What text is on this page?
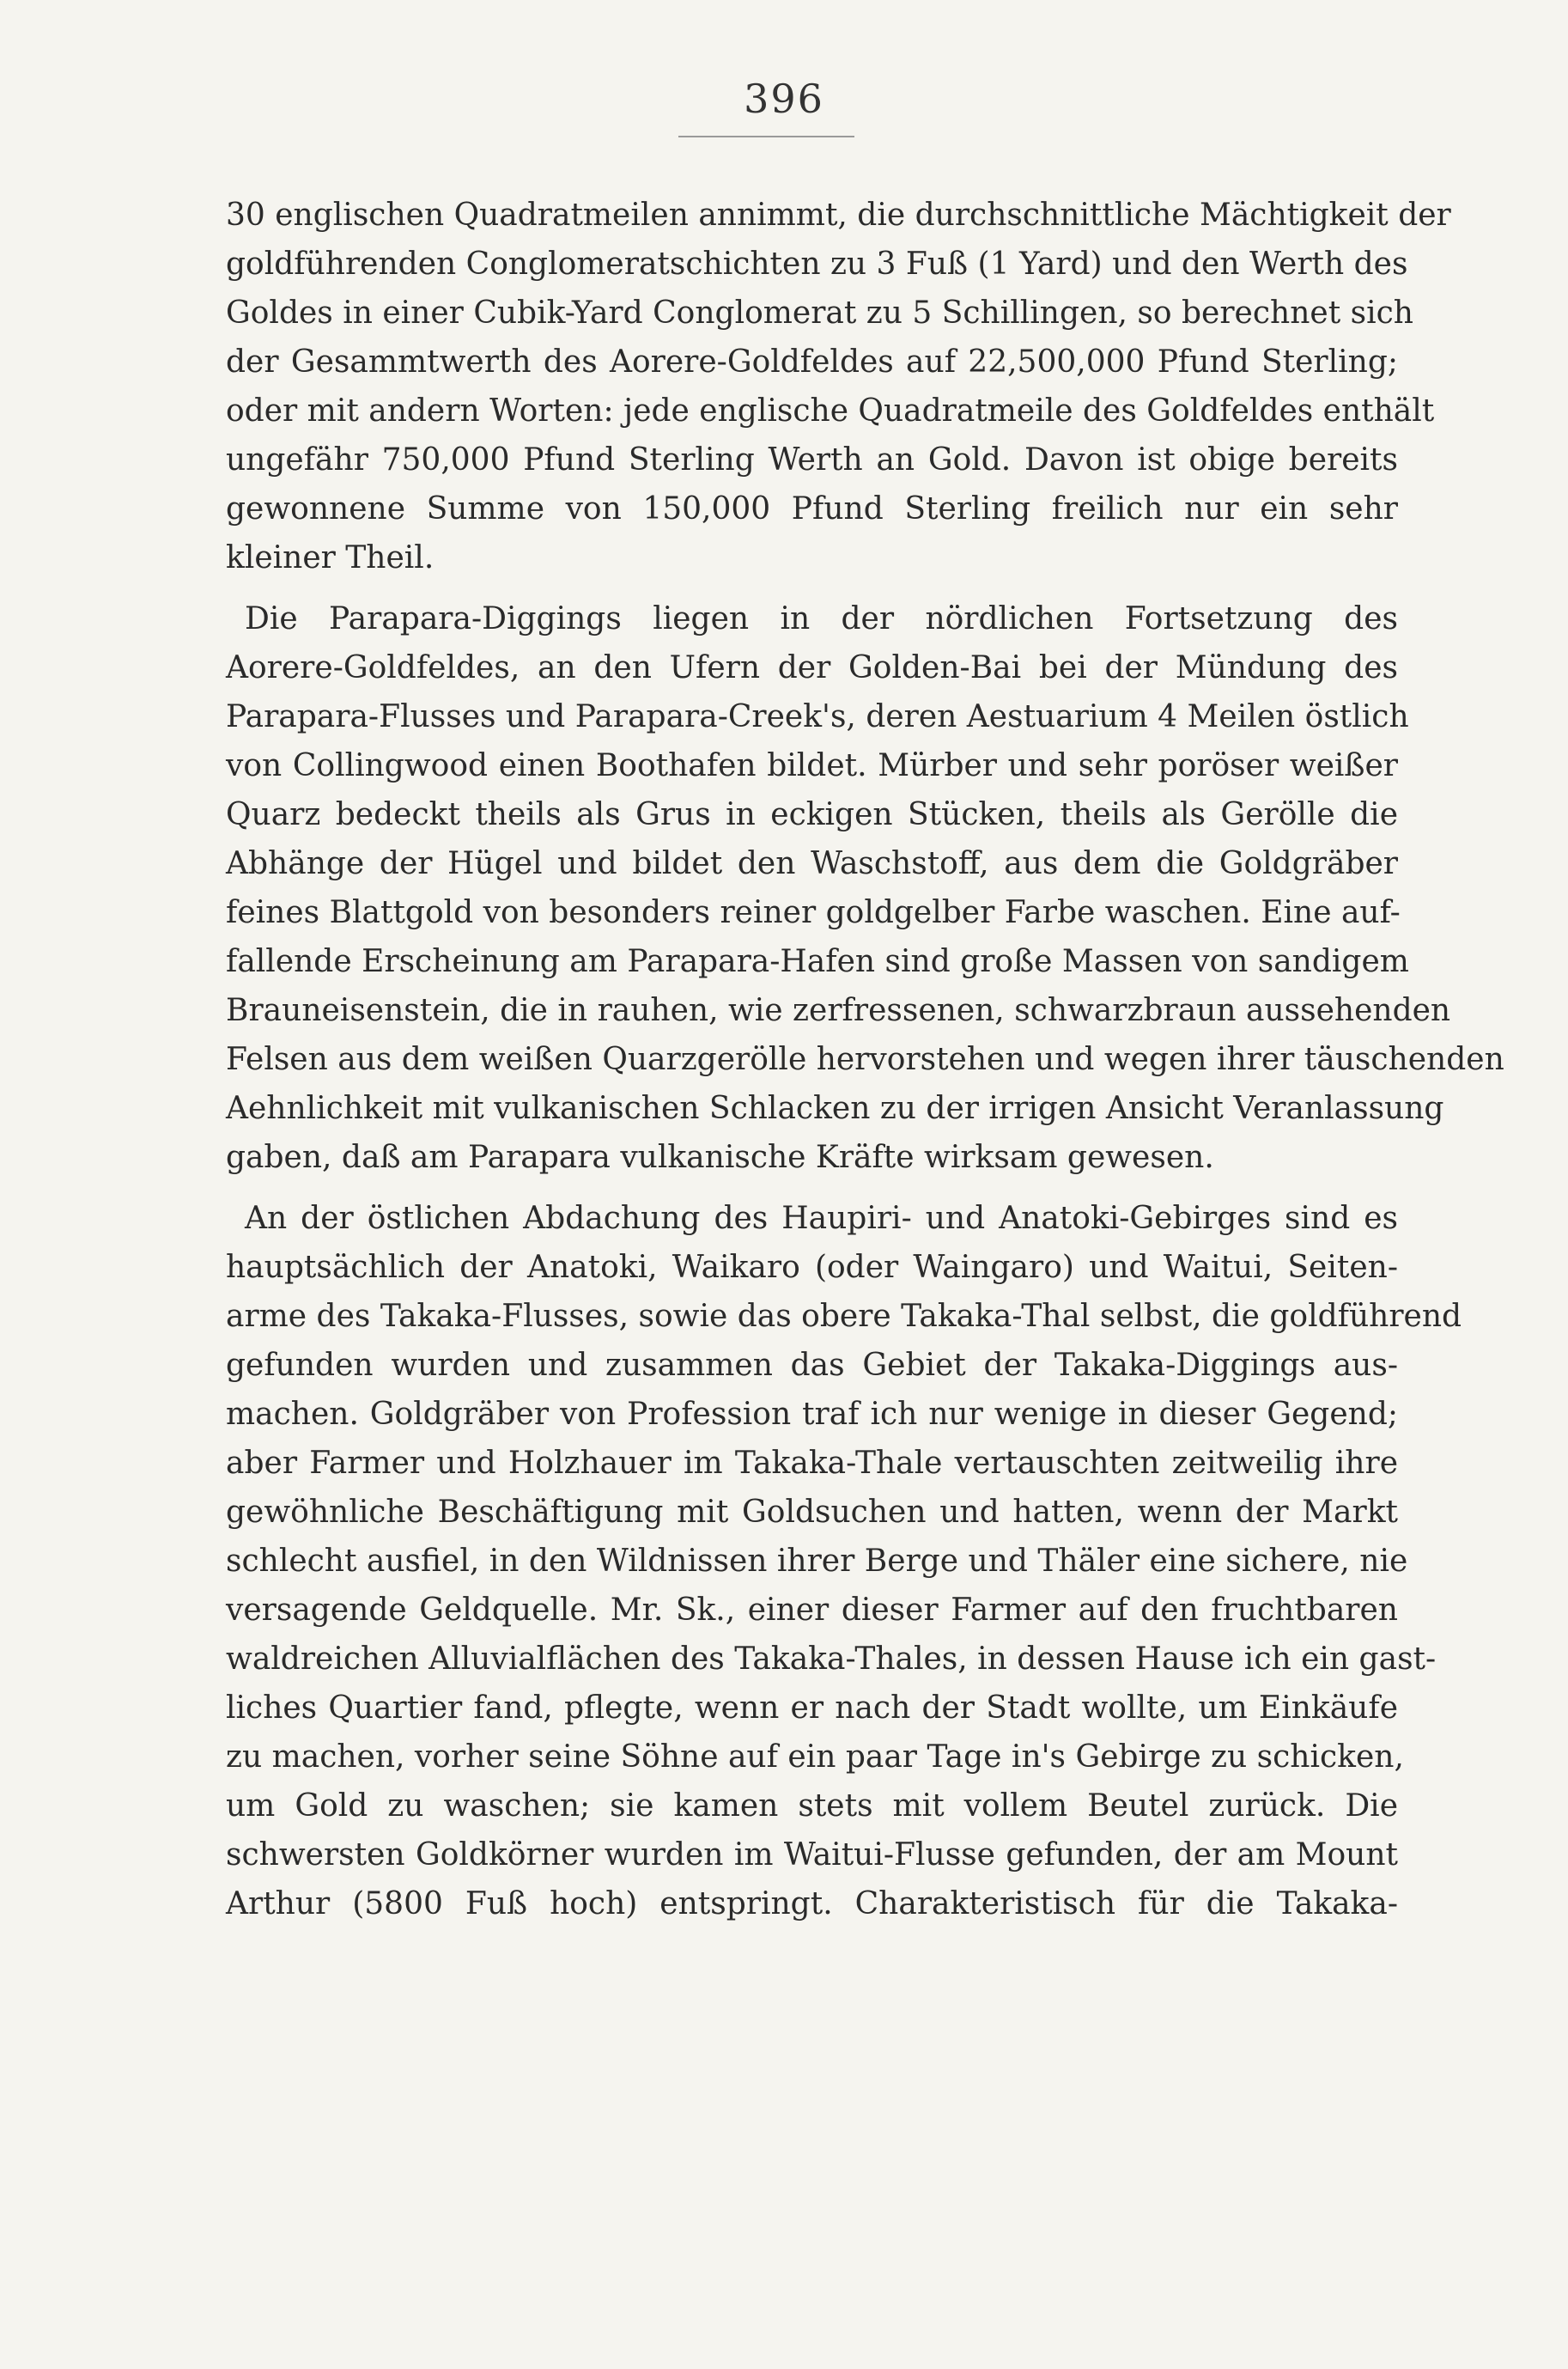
396
30 englischen Quadratmeilen annimmt, die durchschnittliche Mächtigkeit der
goldführenden Conglomeratschichten zu 3 Fuß (1 Yard) und den Werth des
Goldes in einer Cubik-Yard Conglomerat zu 5 Schillingen, so berechnet sich
der Gesammtwerth des Aorere-Goldfeldes auf 22,500,000 Pfund Sterling;
oder mit andern Worten: jede englische Quadratmeile des Goldfeldes enthält
ungefähr 750,000 Pfund Sterling Werth an Gold. Davon ist obige bereits
gewonnene Summe von 150,000 Pfund Sterling freilich nur ein sehr
kleiner Theil.
Die Parapara-Diggings liegen in der nördlichen Fortsetzung des
Aorere-Goldfeldes, an den Ufern der Golden-Bai bei der Mündung des
Parapara-Flusses und Parapara-Creek's, deren Aestuarium 4 Meilen östlich
von Collingwood einen Boothafen bildet. Mürber und sehr poröser weißer
Quarz bedeckt theils als Grus in eckigen Stücken, theils als Gerölle die
Abhänge der Hügel und bildet den Waschstoff, aus dem die Goldgräber
feines Blattgold von besonders reiner goldgelber Farbe waschen. Eine auf-
fallende Erscheinung am Parapara-Hafen sind große Massen von sandigem
Brauneisenstein, die in rauhen, wie zerfressenen, schwarzbraun aussehenden
Felsen aus dem weißen Quarzgerölle hervorstehen und wegen ihrer täuschenden
Aehnlichkeit mit vulkanischen Schlacken zu der irrigen Ansicht Veranlassung
gaben, daß am Parapara vulkanische Kräfte wirksam gewesen.
An der östlichen Abdachung des Haupiri- und Anatoki-Gebirges sind es
hauptsächlich der Anatoki, Waikaro (oder Waingaro) und Waitui, Seiten-
arme des Takaka-Flusses, sowie das obere Takaka-Thal selbst, die goldführend
gefunden wurden und zusammen das Gebiet der Takaka-Diggings aus-
machen. Goldgräber von Profession traf ich nur wenige in dieser Gegend;
aber Farmer und Holzhauer im Takaka-Thale vertauschten zeitweilig ihre
gewöhnliche Beschäftigung mit Goldsuchen und hatten, wenn der Markt
schlecht ausfiel, in den Wildnissen ihrer Berge und Thäler eine sichere, nie
versagende Geldquelle. Mr. Sk., einer dieser Farmer auf den fruchtbaren
waldreichen Alluvialflächen des Takaka-Thales, in dessen Hause ich ein gast-
liches Quartier fand, pflegte, wenn er nach der Stadt wollte, um Einkäufe
zu machen, vorher seine Söhne auf ein paar Tage in's Gebirge zu schicken,
um Gold zu waschen; sie kamen stets mit vollem Beutel zurück. Die
schwersten Goldkörner wurden im Waitui-Flusse gefunden, der am Mount
Arthur (5800 Fuß hoch) entspringt. Charakteristisch für die Takaka-
